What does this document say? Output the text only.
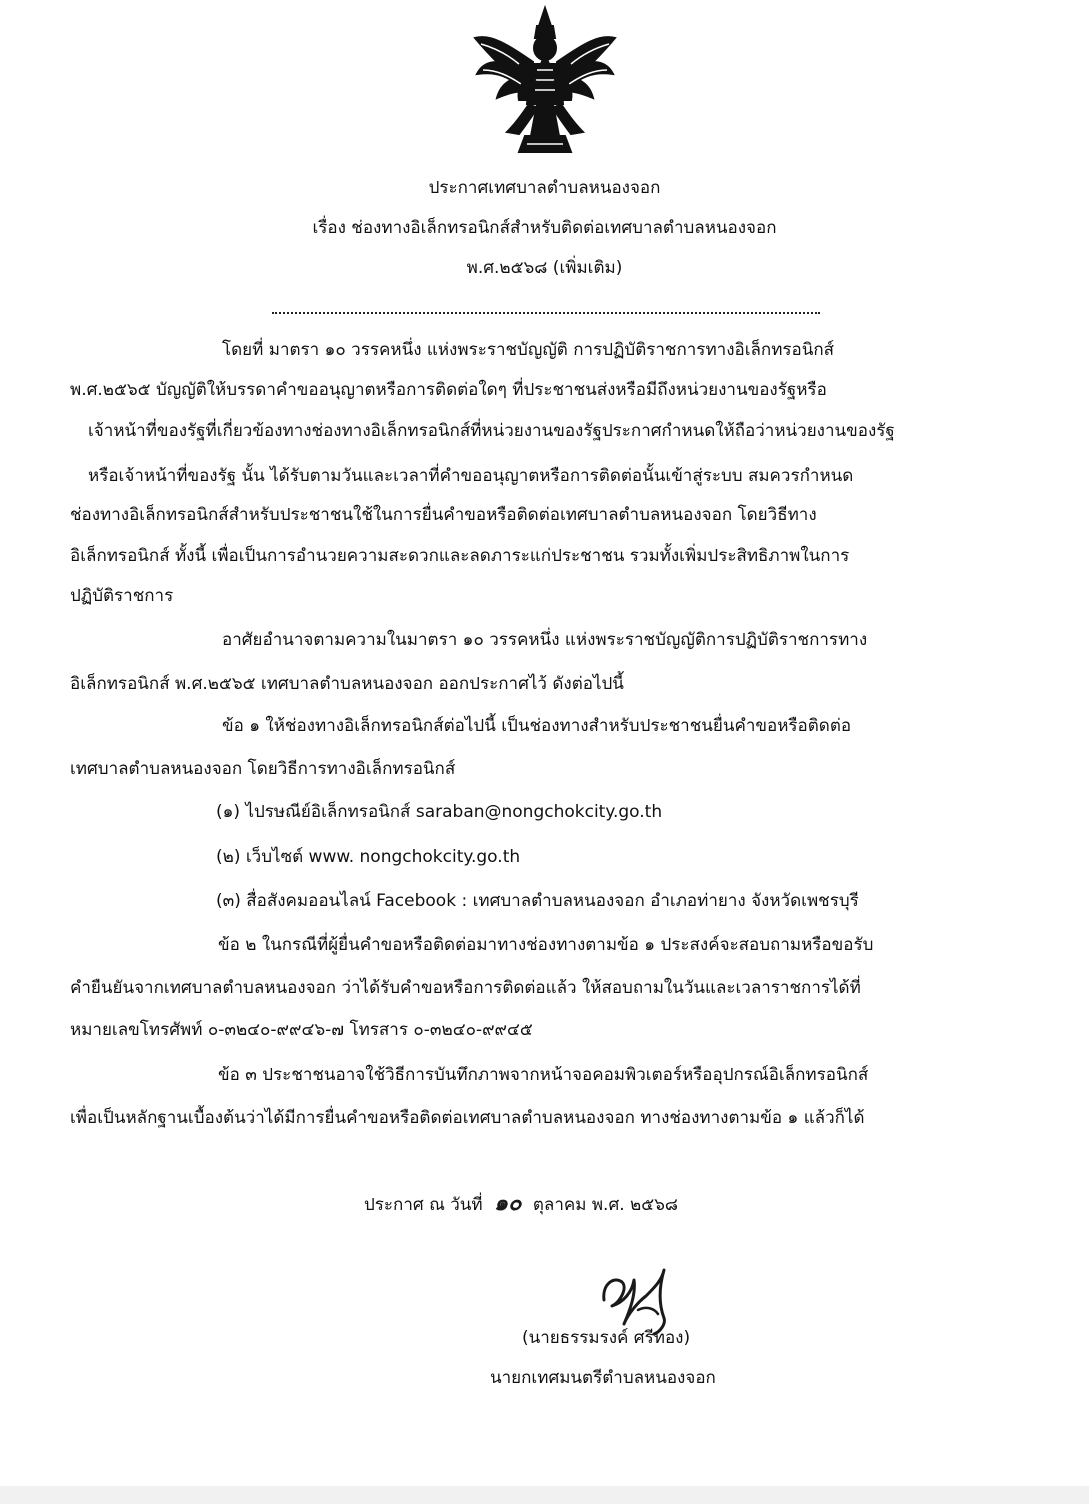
ประกาศเทศบาลตำบลหนองจอก
เรื่อง ช่องทางอิเล็กทรอนิกส์สำหรับติดต่อเทศบาลตำบลหนองจอก
พ.ศ.๒๕๖๘ (เพิ่มเติม)
โดยที่ มาตรา ๑๐ วรรคหนึ่ง แห่งพระราชบัญญัติ การปฏิบัติราชการทางอิเล็กทรอนิกส์
พ.ศ.๒๕๖๕ บัญญัติให้บรรดาคำขออนุญาตหรือการติดต่อใดๆ ที่ประชาชนส่งหรือมีถึงหน่วยงานของรัฐหรือ
เจ้าหน้าที่ของรัฐที่เกี่ยวข้องทางช่องทางอิเล็กทรอนิกส์ที่หน่วยงานของรัฐประกาศกำหนดให้ถือว่าหน่วยงานของรัฐ
หรือเจ้าหน้าที่ของรัฐ นั้น ได้รับตามวันและเวลาที่คำขออนุญาตหรือการติดต่อนั้นเข้าสู่ระบบ สมควรกำหนด
ช่องทางอิเล็กทรอนิกส์สำหรับประชาชนใช้ในการยื่นคำขอหรือติดต่อเทศบาลตำบลหนองจอก โดยวิธีทาง
อิเล็กทรอนิกส์ ทั้งนี้ เพื่อเป็นการอำนวยความสะดวกและลดภาระแก่ประชาชน รวมทั้งเพิ่มประสิทธิภาพในการ
ปฏิบัติราชการ
อาศัยอำนาจตามความในมาตรา ๑๐ วรรคหนึ่ง แห่งพระราชบัญญัติการปฏิบัติราชการทาง
อิเล็กทรอนิกส์ พ.ศ.๒๕๖๕ เทศบาลตำบลหนองจอก ออกประกาศไว้ ดังต่อไปนี้
ข้อ ๑ ให้ช่องทางอิเล็กทรอนิกส์ต่อไปนี้ เป็นช่องทางสำหรับประชาชนยื่นคำขอหรือติดต่อ
เทศบาลตำบลหนองจอก โดยวิธีการทางอิเล็กทรอนิกส์
(๑) ไปรษณีย์อิเล็กทรอนิกส์ saraban@nongchokcity.go.th
(๒) เว็บไซต์ www. nongchokcity.go.th
(๓) สื่อสังคมออนไลน์ Facebook : เทศบาลตำบลหนองจอก อำเภอท่ายาง จังหวัดเพชรบุรี
ข้อ ๒ ในกรณีที่ผู้ยื่นคำขอหรือติดต่อมาทางช่องทางตามข้อ ๑ ประสงค์จะสอบถามหรือขอรับ
คำยืนยันจากเทศบาลตำบลหนองจอก ว่าได้รับคำขอหรือการติดต่อแล้ว ให้สอบถามในวันและเวลาราชการได้ที่
หมายเลขโทรศัพท์ ๐-๓๒๔๐-๙๙๔๖-๗ โทรสาร ๐-๓๒๔๐-๙๙๔๕
ข้อ ๓ ประชาชนอาจใช้วิธีการบันทึกภาพจากหน้าจอคอมพิวเตอร์หรืออุปกรณ์อิเล็กทรอนิกส์
เพื่อเป็นหลักฐานเบื้องต้นว่าได้มีการยื่นคำขอหรือติดต่อเทศบาลตำบลหนองจอก ทางช่องทางตามข้อ ๑ แล้วก็ได้
ประกาศ ณ วันที่ ๑๐ ตุลาคม พ.ศ. ๒๕๖๘
(นายธรรมรงค์ ศรีทอง)
นายกเทศมนตรีตำบลหนองจอก
